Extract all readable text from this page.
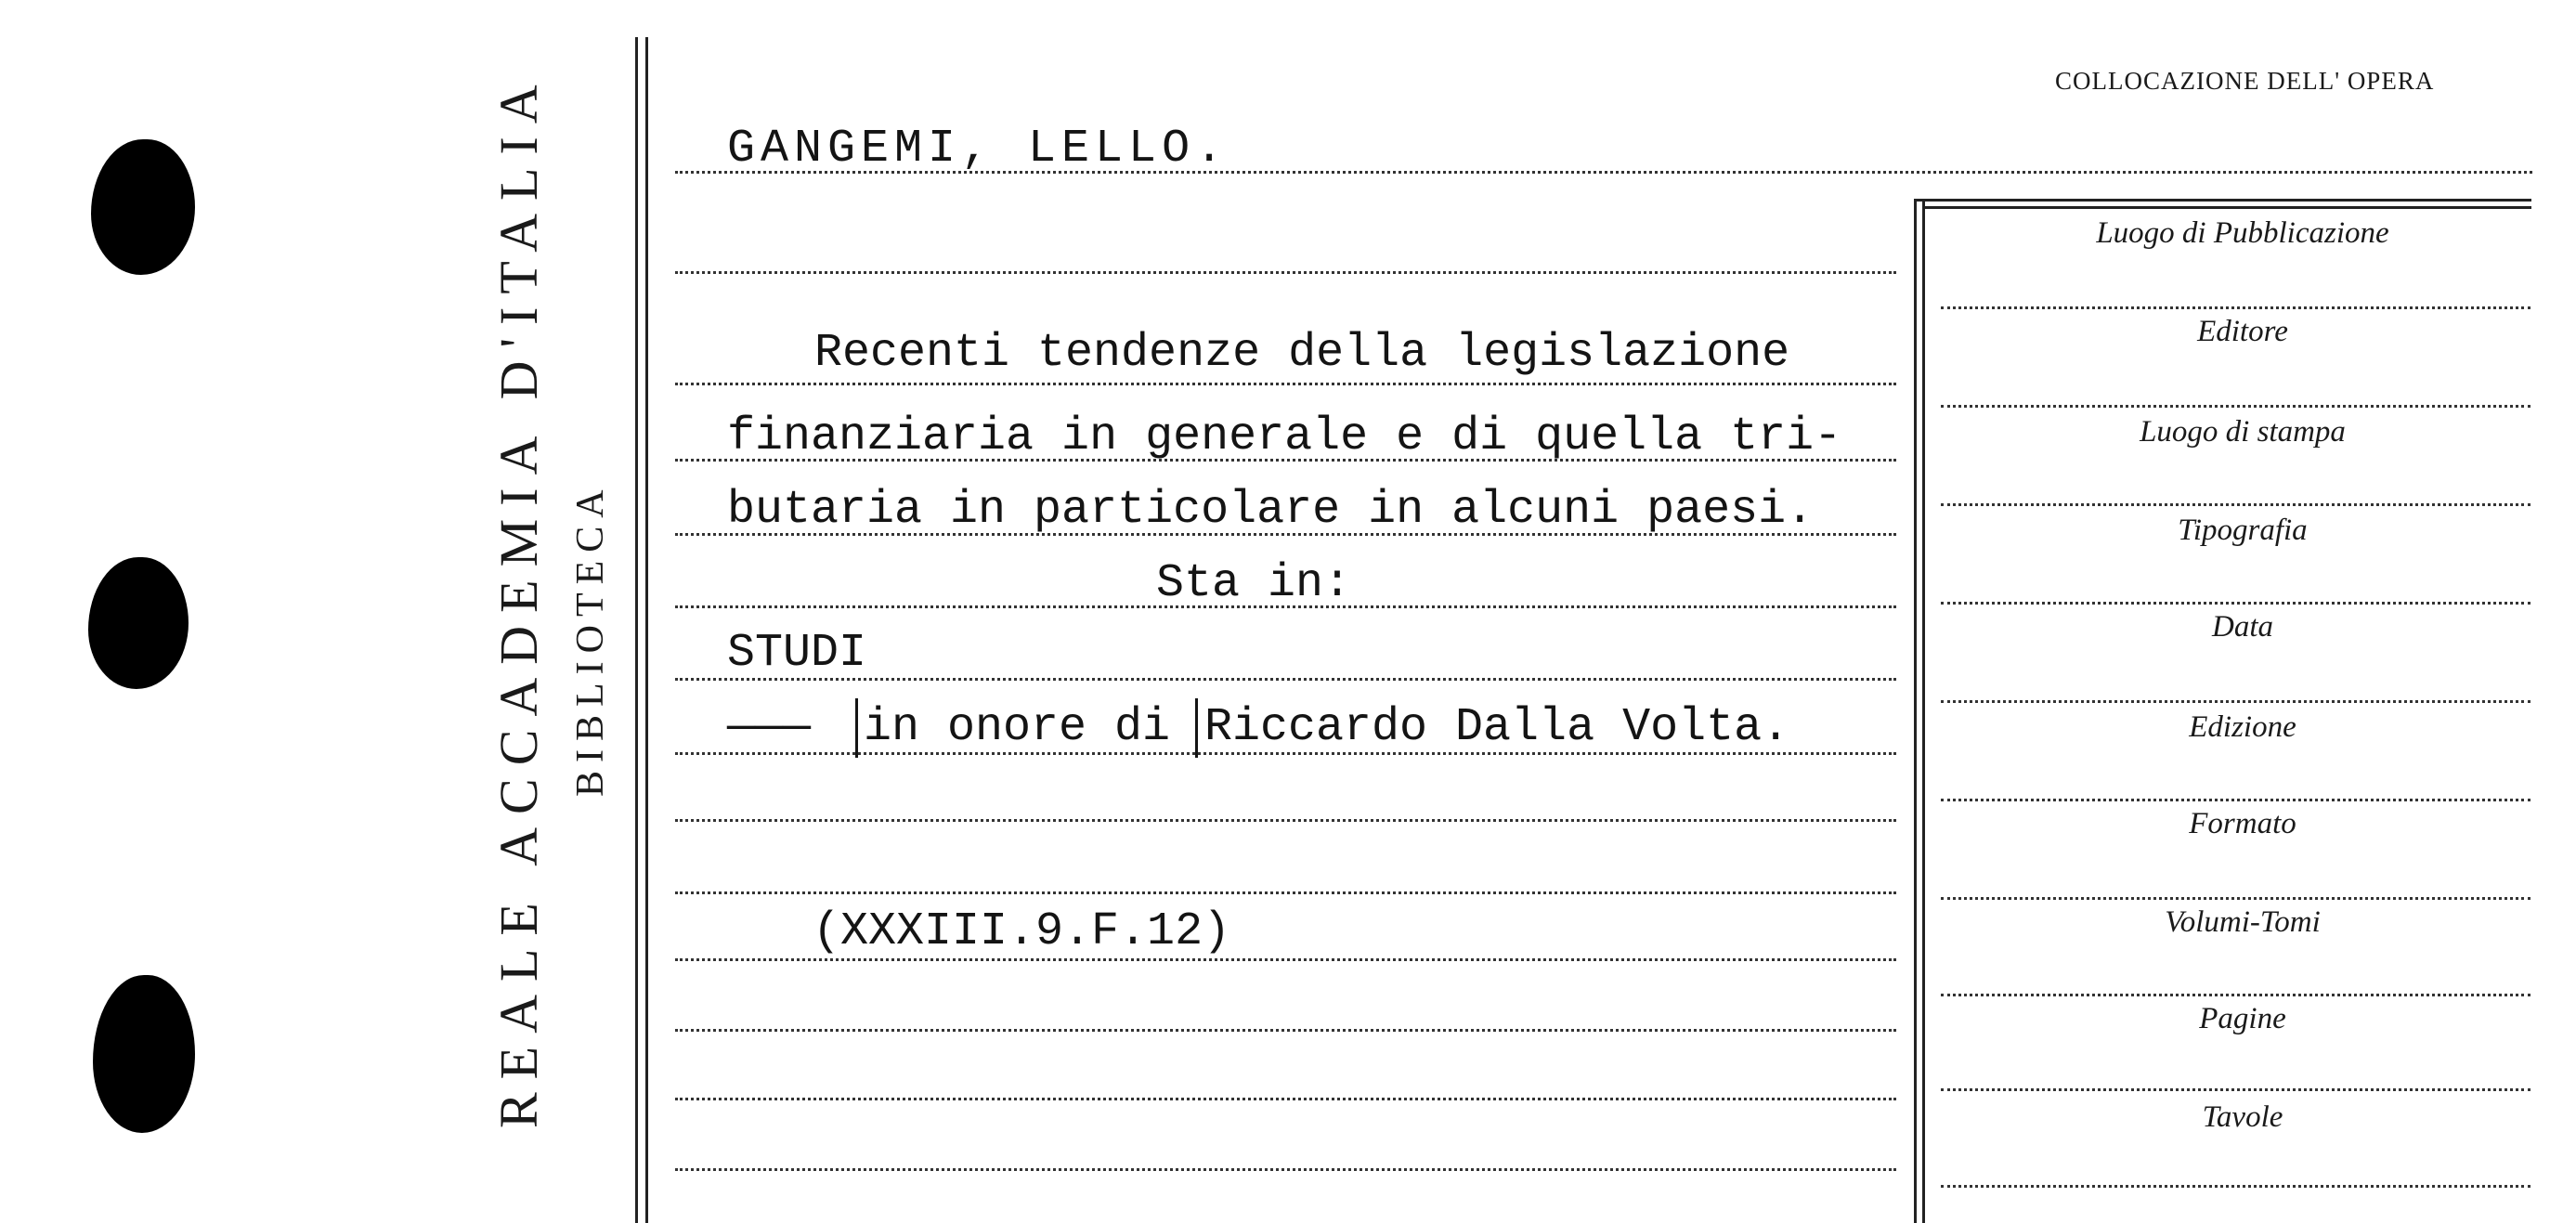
REALE ACCADEMIA D'ITALIA BIBLIOTECA
COLLOCAZIONE DELL' OPERA
GANGEMI, LELLO.
Recenti tendenze della legislazione
finanziaria in generale e di quella tri-
butaria in particolare in alcuni paesi.
Sta in:
STUDI
——— in onore di Riccardo Dalla Volta.
(XXXIII.9.F.12)
Luogo di Pubblicazione
Editore
Luogo di stampa
Tipografia
Data
Edizione
Formato
Volumi-Tomi
Pagine
Tavole
